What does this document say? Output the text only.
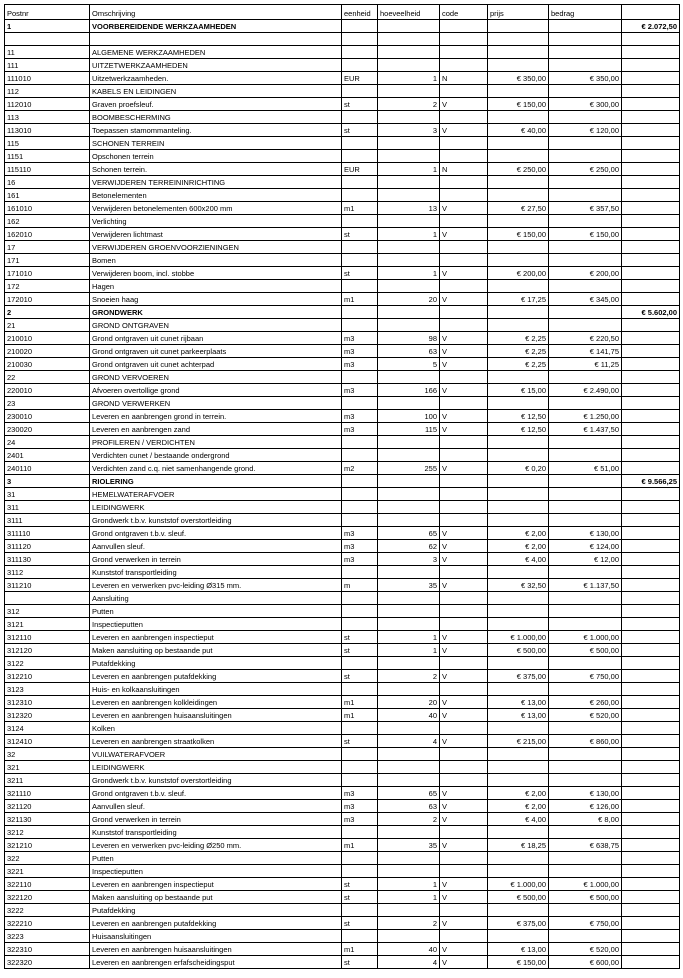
Postnr	Omschrijving	eenheid	hoeveelheid	code	prijs	bedrag	
1	VOORBEREIDENDE WERKZAAMHEDEN						€ 2.072,50

11	ALGEMENE WERKZAAMHEDEN						
111	UITZETWERKZAAMHEDEN						
111010	Uitzetwerkzaamheden.	EUR	1	N	€ 350,00	€ 350,00	
112	KABELS EN LEIDINGEN						
112010	Graven proefsleuf.	st	2	V	€ 150,00	€ 300,00	
113	BOOMBESCHERMING						
113010	Toepassen stamommanteling.	st	3	V	€ 40,00	€ 120,00	
115	SCHONEN TERREIN						
1151	Opschonen terrein						
115110	Schonen terrein.	EUR	1	N	€ 250,00	€ 250,00	
16	VERWIJDEREN TERREININRICHTING						
161	Betonelementen						
161010	Verwijderen betonelementen 600x200 mm	m1	13	V	€ 27,50	€ 357,50	
162	Verlichting						
162010	Verwijderen lichtmast	st	1	V	€ 150,00	€ 150,00	
17	VERWIJDEREN GROENVOORZIENINGEN						
171	Bomen						
171010	Verwijderen boom, incl. stobbe	st	1	V	€ 200,00	€ 200,00	
172	Hagen						
172010	Snoeien haag	m1	20	V	€ 17,25	€ 345,00	
2	GRONDWERK						€ 5.602,00
21	GROND ONTGRAVEN						
210010	Grond ontgraven uit cunet rijbaan	m3	98	V	€ 2,25	€ 220,50	
210020	Grond ontgraven uit cunet parkeerplaats	m3	63	V	€ 2,25	€ 141,75	
210030	Grond ontgraven uit cunet achterpad	m3	5	V	€ 2,25	€ 11,25	
22	GROND VERVOEREN						
220010	Afvoeren overtollige grond	m3	166	V	€ 15,00	€ 2.490,00	
23	GROND VERWERKEN						
230010	Leveren en aanbrengen grond in terrein.	m3	100	V	€ 12,50	€ 1.250,00	
230020	Leveren en aanbrengen zand	m3	115	V	€ 12,50	€ 1.437,50	
24	PROFILEREN / VERDICHTEN						
2401	Verdichten cunet / bestaande ondergrond						
240110	Verdichten zand c.q. niet samenhangende grond.	m2	255	V	€ 0,20	€ 51,00	
3	RIOLERING						€ 9.566,25
31	HEMELWATERAFVOER						
311	LEIDINGWERK						
3111	Grondwerk t.b.v. kunststof overstortleiding						
311110	Grond ontgraven t.b.v. sleuf.	m3	65	V	€ 2,00	€ 130,00	
311120	Aanvullen sleuf.	m3	62	V	€ 2,00	€ 124,00	
311130	Grond verwerken in terrein	m3	3	V	€ 4,00	€ 12,00	
3112	Kunststof transportleiding						
311210	Leveren en verwerken pvc-leiding Ø315 mm.	m	35	V	€ 32,50	€ 1.137,50	
	Aansluiting						
312	Putten						
3121	Inspectieputten						
312110	Leveren en aanbrengen inspectieput	st	1	V	€ 1.000,00	€ 1.000,00	
312120	Maken aansluiting op bestaande put	st	1	V	€ 500,00	€ 500,00	
3122	Putafdekking						
312210	Leveren en aanbrengen putafdekking	st	2	V	€ 375,00	€ 750,00	
3123	Huis- en kolkaansluitingen						
312310	Leveren en aanbrengen kolkleidingen	m1	20	V	€ 13,00	€ 260,00	
312320	Leveren en aanbrengen huisaansluitingen	m1	40	V	€ 13,00	€ 520,00	
3124	Kolken						
312410	Leveren en aanbrengen straatkolken	st	4	V	€ 215,00	€ 860,00	
32	VUILWATERAFVOER						
321	LEIDINGWERK						
3211	Grondwerk t.b.v. kunststof overstortleiding						
321110	Grond ontgraven t.b.v. sleuf.	m3	65	V	€ 2,00	€ 130,00	
321120	Aanvullen sleuf.	m3	63	V	€ 2,00	€ 126,00	
321130	Grond verwerken in terrein	m3	2	V	€ 4,00	€ 8,00	
3212	Kunststof transportleiding						
321210	Leveren en verwerken pvc-leiding Ø250 mm.	m1	35	V	€ 18,25	€ 638,75	
322	Putten						
3221	Inspectieputten						
322110	Leveren en aanbrengen inspectieput	st	1	V	€ 1.000,00	€ 1.000,00	
322120	Maken aansluiting op bestaande put	st	1	V	€ 500,00	€ 500,00	
3222	Putafdekking						
322210	Leveren en aanbrengen putafdekking	st	2	V	€ 375,00	€ 750,00	
3223	Huisaansluitingen						
322310	Leveren en aanbrengen huisaansluitingen	m1	40	V	€ 13,00	€ 520,00	
322320	Leveren en aanbrengen erfafscheidingsput	st	4	V	€ 150,00	€ 600,00	
